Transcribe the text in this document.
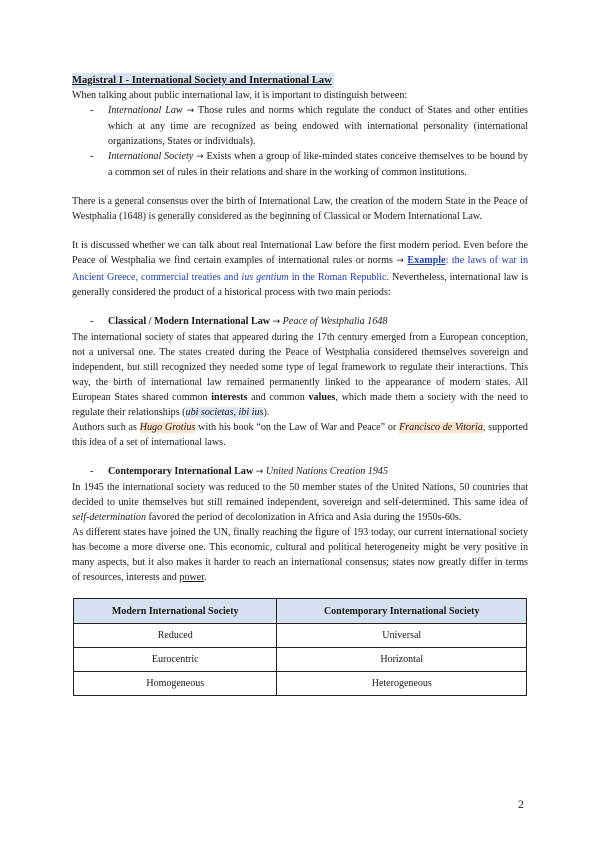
Magistral I - International Society and International Law

When talking about public international law, it is important to distinguish between:

- International Law → Those rules and norms which regulate the conduct of States and other entities which at any time are recognized as being endowed with international personality (international organizations, States or individuals).
- International Society → Exists when a group of like-minded states conceive themselves to be bound by a common set of rules in their relations and share in the working of common institutions.

There is a general consensus over the birth of International Law, the creation of the modern State in the Peace of Westphalia (1648) is generally considered as the beginning of Classical or Modern International Law.

It is discussed whether we can talk about real International Law before the first modern period. Even before the Peace of Westphalia we find certain examples of international rules or norms → Example: the laws of war in Ancient Greece, commercial treaties and ius gentium in the Roman Republic. Nevertheless, international law is generally considered the product of a historical process with two main periods:

- Classical / Modern International Law → Peace of Westphalia 1648

The international society of states that appeared during the 17th century emerged from a European conception, not a universal one. The states created during the Peace of Westphalia considered themselves sovereign and independent, but still recognized they needed some type of legal framework to regulate their interactions. This way, the birth of international law remained permanently linked to the appearance of modern states. All European States shared common interests and common values, which made them a society with the need to regulate their relationships (ubi societas, ibi ius).

Authors such as Hugo Grotius with his book “on the Law of War and Peace” or Francisco de Vitoria, supported this idea of a set of international laws.

- Contemporary International Law → United Nations Creation 1945

In 1945 the international society was reduced to the 50 member states of the United Nations, 50 countries that decided to unite themselves but still remained independent, sovereign and self-determined. This same idea of self-determination favored the period of decolonization in Africa and Asia during the 1950s-60s.

As different states have joined the UN, finally reaching the figure of 193 today, our current international society has become a more diverse one. This economic, cultural and political heterogeneity might be very positive in many aspects, but it also makes it harder to reach an international consensus; states now greatly differ in terms of resources, interests and power.

Modern International Society	Contemporary International Society
Reduced	Universal
Eurocentric	Horizontal
Homogeneous	Heterogeneous
2
